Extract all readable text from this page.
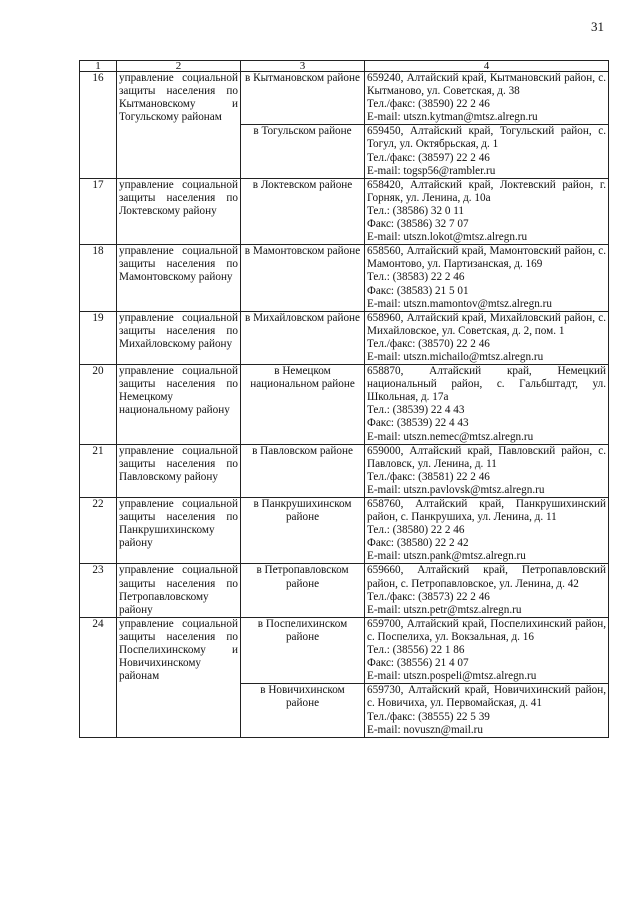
31
1	2	3	4
16	управление социальной защиты населения по Кытмановскому и Тогульскому районам	в Кытмановском районе	659240, Алтайский край, Кытмановский район, с. Кытманово, ул. Советская, д. 38
Тел./факс: (38590) 22 2 46
E-mail: utszn.kytman@mtsz.alregn.ru

		в Тогульском районе	659450, Алтайский край, Тогульский район, с. Тогул, ул. Октябрьская, д. 1
Тел./факс: (38597) 22 2 46
E-mail: togsp56@rambler.ru

17	управление социальной защиты населения по Локтевскому району	в Локтевском районе	658420, Алтайский край, Локтевский район, г. Горняк, ул. Ленина, д. 10а
Тел.: (38586) 32 0 11
Факс: (38586) 32 7 07
E-mail: utszn.lokot@mtsz.alregn.ru

18	управление социальной защиты населения по Мамонтовскому району	в Мамонтовском районе	658560, Алтайский край, Мамонтовский район, с. Мамонтово, ул. Партизанская, д. 169
Тел.: (38583) 22 2 46
Факс: (38583) 21 5 01
E-mail: utszn.mamontov@mtsz.alregn.ru

19	управление социальной защиты населения по Михайловскому району	в Михайловском районе	658960, Алтайский край, Михайловский район, с. Михайловское, ул. Советская, д. 2, пом. 1
Тел./факс: (38570) 22 2 46
E-mail: utszn.michailo@mtsz.alregn.ru

20	управление социальной защиты населения по Немецкому национальному району	в Немецком национальном районе	658870, Алтайский край, Немецкий национальный район, с. Гальбштадт, ул. Школьная, д. 17а
Тел.: (38539) 22 4 43
Факс: (38539) 22 4 43
E-mail: utszn.nemec@mtsz.alregn.ru

21	управление социальной защиты населения по Павловскому району	в Павловском районе	659000, Алтайский край, Павловский район, с. Павловск, ул. Ленина, д. 11
Тел./факс: (38581) 22 2 46
E-mail: utszn.pavlovsk@mtsz.alregn.ru

22	управление социальной защиты населения по Панкрушихинскому району	в Панкрушихинском районе	658760, Алтайский край, Панкрушихинский район, с. Панкрушиха, ул. Ленина, д. 11
Тел.: (38580) 22 2 46
Факс: (38580) 22 2 42
E-mail: utszn.pank@mtsz.alregn.ru

23	управление социальной защиты населения по Петропавловскому району	в Петропавловском районе	659660, Алтайский край, Петропавловский район, с. Петропавловское, ул. Ленина, д. 42
Тел./факс: (38573) 22 2 46
E-mail: utszn.petr@mtsz.alregn.ru

24	управление социальной защиты населения по Поспелихинскому и Новичихинскому районам	в Поспелихинском районе	659700, Алтайский край, Поспелихинский район, с. Поспелиха, ул. Вокзальная, д. 16
Тел.: (38556) 22 1 86
Факс: (38556) 21 4 07
E-mail: utszn.pospeli@mtsz.alregn.ru

		в Новичихинском районе	659730, Алтайский край, Новичихинский район, с. Новичиха, ул. Первомайская, д. 41
Тел./факс: (38555) 22 5 39
E-mail: novuszn@mail.ru
